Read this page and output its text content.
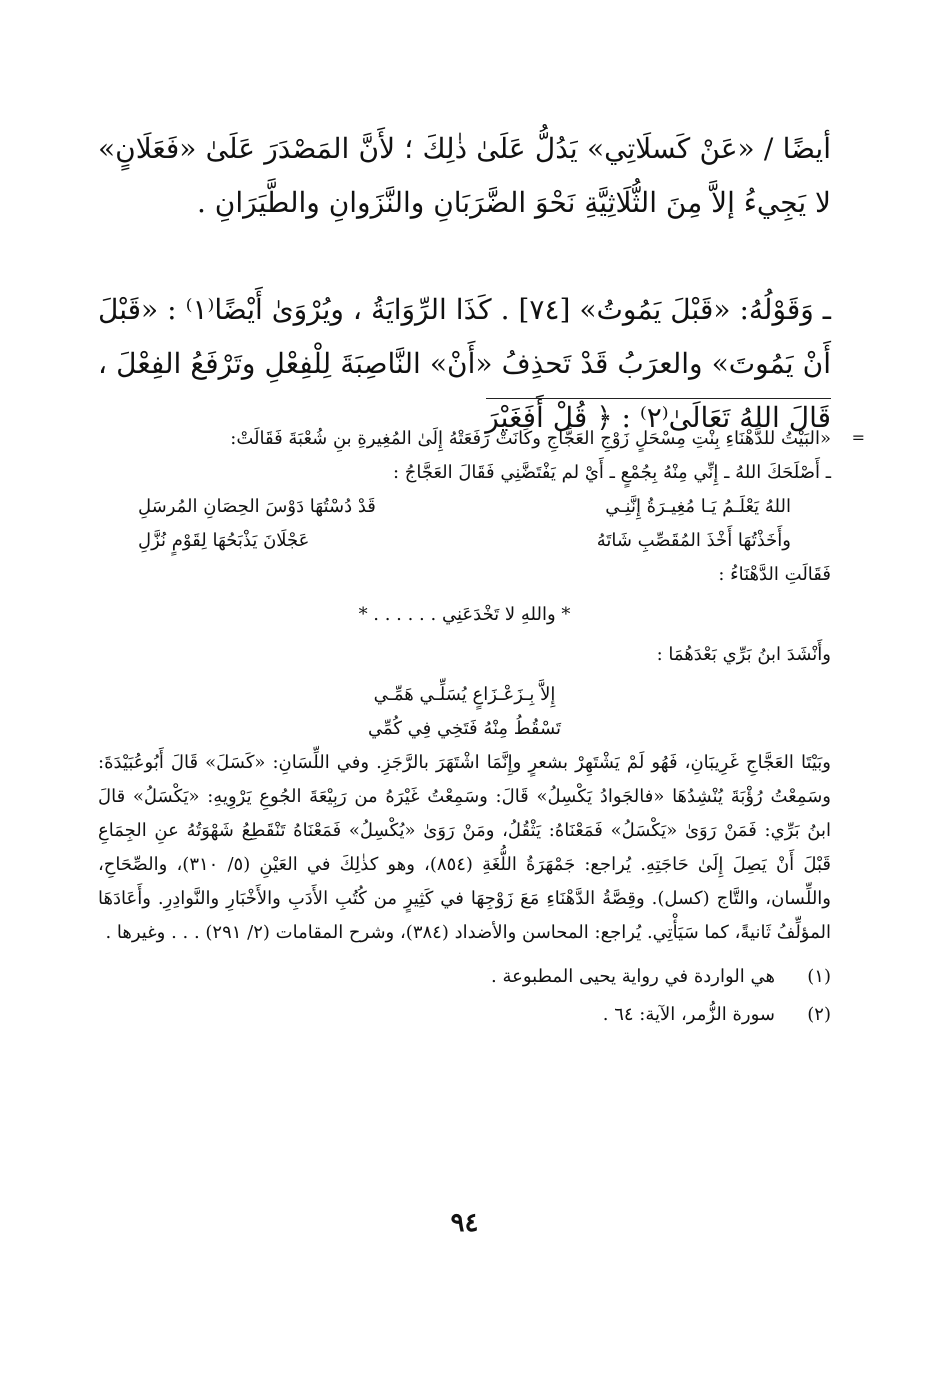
أيضًا / «عَنْ كَسلَاتِي» يَدُلُّ عَلَىٰ ذٰلِكَ ؛ لأَنَّ المَصْدَرَ عَلَىٰ «فَعَلَانٍ» لا يَجِيءُ إلاَّ مِنَ الثُّلَاثِيَّةِ نَحْوَ الضَّرَبَانِ والنَّزَوانِ والطَّيَرَانِ .

ـ وَقَوْلُهُ: «قَبْلَ يَمُوتُ» [٧٤] . كَذَا الرِّوَايَةُ ، ويُرْوَىٰ أَيْضًا⁽١⁾ : «قَبْلَ أَنْ يَمُوتَ» والعرَبُ قَدْ تَحذِفُ «أَنْ» النَّاصِبَةَ لِلْفِعْلِ وتَرْفَعُ الفِعْلَ ، قَالَ اللهُ تَعَالَىٰ⁽٢⁾ : ﴿ قُلْ أَفَغَيْرَ

=

«البَيْتُ للدَّهْنَاءِ بِنْتِ مِسْحَلٍ زَوْجِ العَجَّاجِ وكَانَتْ رَفَعَتْهُ إِلَىٰ المُغِيرةِ بنِ شُعْبَةَ فَقَالَتْ:

ـ أَصْلَحَكَ اللهُ ـ إِنِّي مِنْهُ بِجُمْعٍ ـ أَيْ لم يَفْتَضَّنِي فَقَالَ العَجَّاجُ :

اللهُ يَعْلَـمُ يَـا مُغِيـرَةُ إِنَّنِـي
قَدْ دُسْتُهَا دَوْسَ الحِصَانِ المُرسَلِ
وأَخَذْتُهَا أَخْذَ المُقَصِّبِ شَاتَهُ
عَجْلَانَ يَذْبَحُهَا لِقَوْمٍ نُزَّلِ

فَقَالَتِ الدَّهْنَاءُ :

* واللهِ لا تَخْدَعَنِي . . . . . . *

وأَنْشَدَ ابنُ بَرِّي بَعْدَهُمَا :

إِلاَّ بِـزَعْـزَاعٍ يُسَلِّـي هَمِّـي

تَسْقُطُ مِنْهُ فَتَخِي فِي كُمِّي

وبَيْتَا العَجَّاجِ غَرِيبَانِ، فَهُو لَمْ يَشْتَهِرْ بشعرٍ وإِنَّمَا اشْتَهَرَ بالرَّجَزِ. وفي اللِّسَانِ: «كَسَلَ» قَالَ أَبُوعُبَيْدَةَ: وسَمِعْتُ رُؤْبَةَ يُنْشِدُهَا «فالجَوادُ يَكْسِلُ» قَالَ: وسَمِعْتُ غَيْرَهُ من رَبِيْعَةَ الجُوعِ يَرْوِيهِ: «يَكْسَلُ» قالَ ابنُ بَرِّي: فَمَنْ رَوَىٰ «يَكْسَلُ» فَمَعْنَاهُ: يَثْقُلُ، ومَنْ رَوَىٰ «يُكْسِلُ» فَمَعْنَاهُ تَنْقَطِعُ شَهْوَتُهُ عنِ الجِمَاعِ قَبْلَ أَنْ يَصِلَ إِلَىٰ حَاجَتِهِ. يُراجع: جَمْهَرَةُ اللُّغَةِ (٨٥٤)، وهو كذٰلِكَ في العَيْنِ (٥/ ٣١٠)، والصِّحَاحِ، واللِّسان، والتَّاج (كسل). وقِصَّةُ الدَّهْنَاءِ مَعَ زَوْجِهَا في كَثِيرٍ من كُتُبِ الأَدَبِ والأَخْبَارِ والنَّوادِرِ. وأَعَادَهَا المؤلِّفُ ثَانيةً، كما سَيَأْتِي. يُراجع: المحاسن والأضداد (٣٨٤)، وشرح المقامات (٢/ ٢٩١) . . . وغيرها .

(١)
هي الواردة في رواية يحيى المطبوعة .
(٢)
سورة الزُّمر، الآية: ٦٤ .
٩٤
